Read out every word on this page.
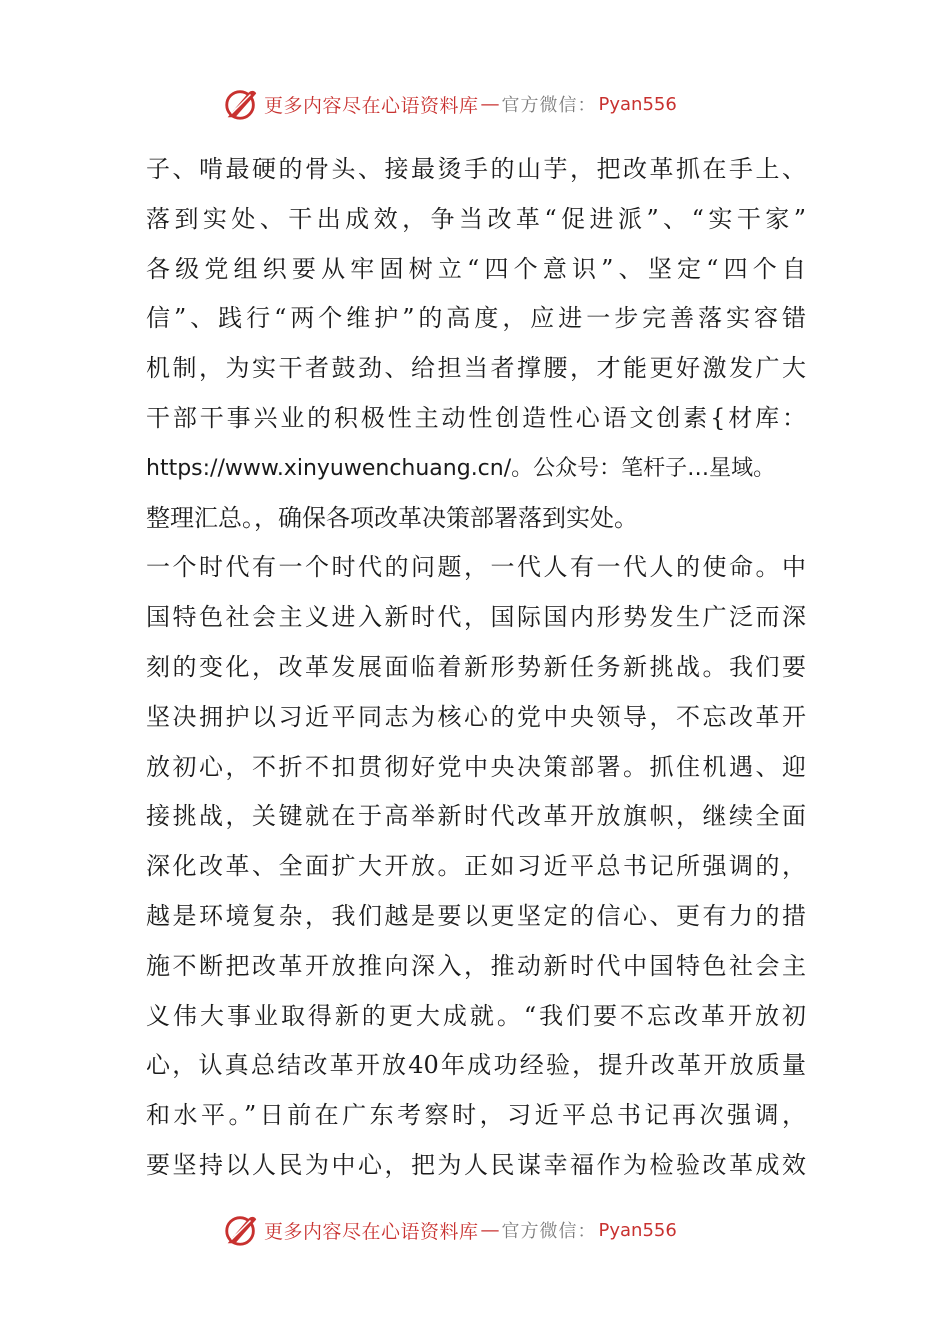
更多内容尽在心语资料库 — 官方微信： Pyan556
子、啃最硬的骨头、接最烫手的山芋，把改革抓在手上、
落到实处、干出成效，争当改革“促进派”、“实干家”
各级党组织要从牢固树立“四个意识”、坚定“四个自
信”、践行“两个维护”的高度，应进一步完善落实容错
机制，为实干者鼓劲、给担当者撑腰，才能更好激发广大
干部干事兴业的积极性主动性创造性心语文创素{材库：
https://www.xinyuwenchuang.cn/。公众号：笔杆子…星域。
整理汇总。，确保各项改革决策部署落到实处。
一个时代有一个时代的问题，一代人有一代人的使命。中
国特色社会主义进入新时代，国际国内形势发生广泛而深
刻的变化，改革发展面临着新形势新任务新挑战。我们要
坚决拥护以习近平同志为核心的党中央领导，不忘改革开
放初心，不折不扣贯彻好党中央决策部署。抓住机遇、迎
接挑战，关键就在于高举新时代改革开放旗帜，继续全面
深化改革、全面扩大开放。正如习近平总书记所强调的，
越是环境复杂，我们越是要以更坚定的信心、更有力的措
施不断把改革开放推向深入，推动新时代中国特色社会主
义伟大事业取得新的更大成就。“我们要不忘改革开放初
心，认真总结改革开放40年成功经验，提升改革开放质量
和水平。”日前在广东考察时，习近平总书记再次强调，
要坚持以人民为中心，把为人民谋幸福作为检验改革成效
更多内容尽在心语资料库 — 官方微信： Pyan556
